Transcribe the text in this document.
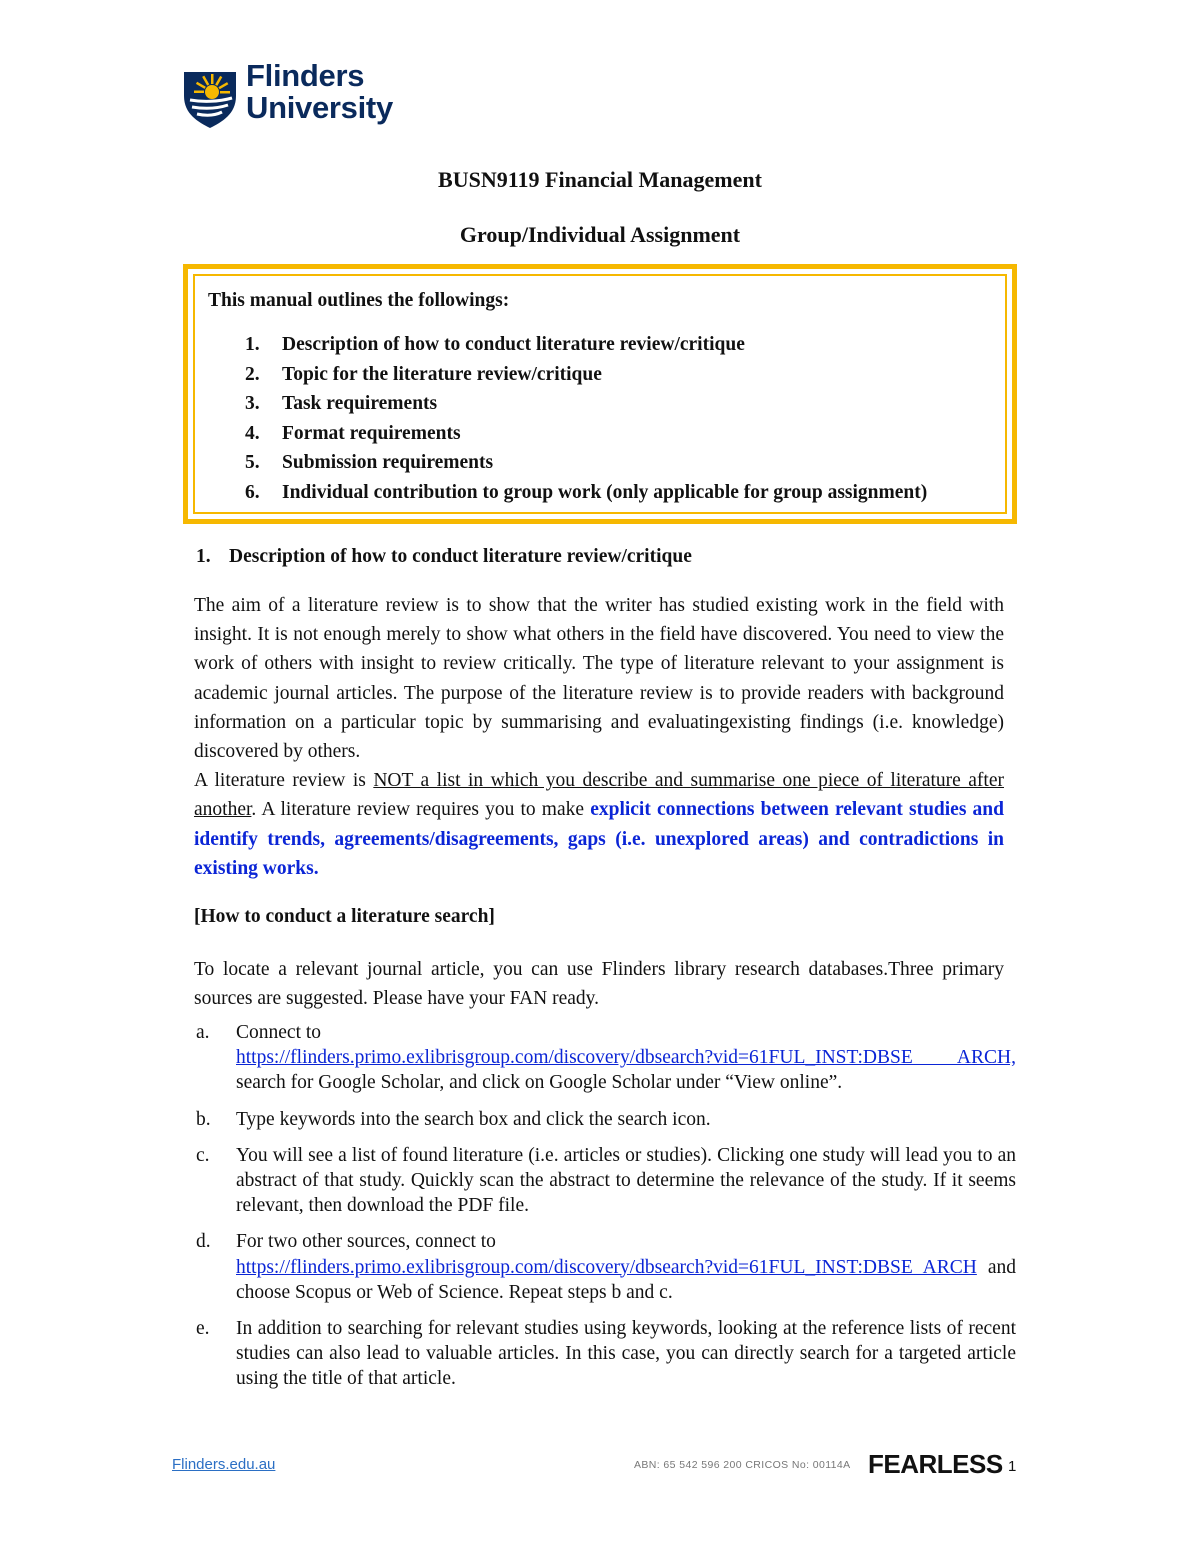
Flinders
University
BUSN9119 Financial Management
Group/Individual Assignment
This manual outlines the followings:
1. Description of how to conduct literature review/critique
2. Topic for the literature review/critique
3. Task requirements
4. Format requirements
5. Submission requirements
6. Individual contribution to group work (only applicable for group assignment)
1. Description of how to conduct literature review/critique
The aim of a literature review is to show that the writer has studied existing work in the field with insight. It is not enough merely to show what others in the field have discovered. You need to view the work of others with insight to review critically. The type of literature relevant to your assignment is academic journal articles. The purpose of the literature review is to provide readers with background information on a particular topic by summarising and evaluatingexisting findings (i.e. knowledge) discovered by others.
A literature review is NOT a list in which you describe and summarise one piece of literature after another. A literature review requires you to make explicit connections between relevant studies and identify trends, agreements/disagreements, gaps (i.e. unexplored areas) and contradictions in existing works.
[How to conduct a literature search]
To locate a relevant journal article, you can use Flinders library research databases.Three primary sources are suggested. Please have your FAN ready.
a. Connect to
https://flinders.primo.exlibrisgroup.com/discovery/dbsearch?vid=61FUL_INST:DBSE ARCH, search for Google Scholar, and click on Google Scholar under “View online”.
b. Type keywords into the search box and click the search icon.
c. You will see a list of found literature (i.e. articles or studies). Clicking one study will lead you to an abstract of that study. Quickly scan the abstract to determine the relevance of the study. If it seems relevant, then download the PDF file.
d. For two other sources, connect to
https://flinders.primo.exlibrisgroup.com/discovery/dbsearch?vid=61FUL_INST:DBSE ARCH and choose Scopus or Web of Science. Repeat steps b and c.
e. In addition to searching for relevant studies using keywords, looking at the reference lists of recent studies can also lead to valuable articles. In this case, you can directly search for a targeted article using the title of that article.
Flinders.edu.au	ABN: 65 542 596 200 CRICOS No: 00114A FEARLESS 1
